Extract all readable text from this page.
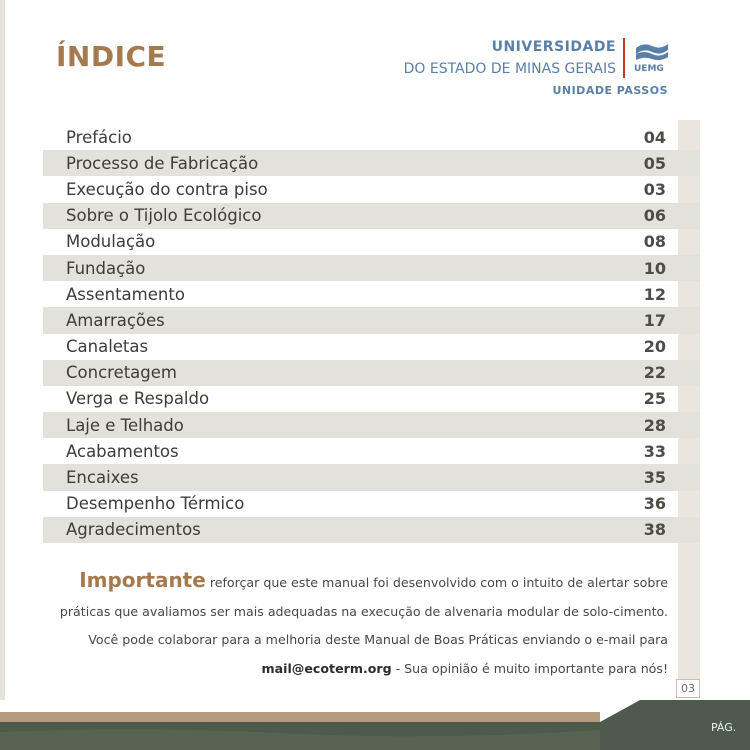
ÍNDICE	UNIVERSIDADE
DO ESTADO DE MINAS GERAIS UEMG
UNIDADE PASSOS
Prefácio	04
Processo de Fabricação	05
Execução do contra piso	03
Sobre o Tijolo Ecológico	06
Modulação	08
Fundação	10
Assentamento	12
Amarrações	17
Canaletas	20
Concretagem	22
Verga e Respaldo	25
Laje e Telhado	28
Acabamentos	33
Encaixes	35
Desempenho Térmico	36
Agradecimentos	38
Importante reforçar que este manual foi desenvolvido com o intuito de alertar sobre
práticas que avaliamos ser mais adequadas na execução de alvenaria modular de solo-cimento.
Você pode colaborar para a melhoria deste Manual de Boas Práticas enviando o e-mail para
mail@ecoterm.org - Sua opinião é muito importante para nós!
03
PÁG.
